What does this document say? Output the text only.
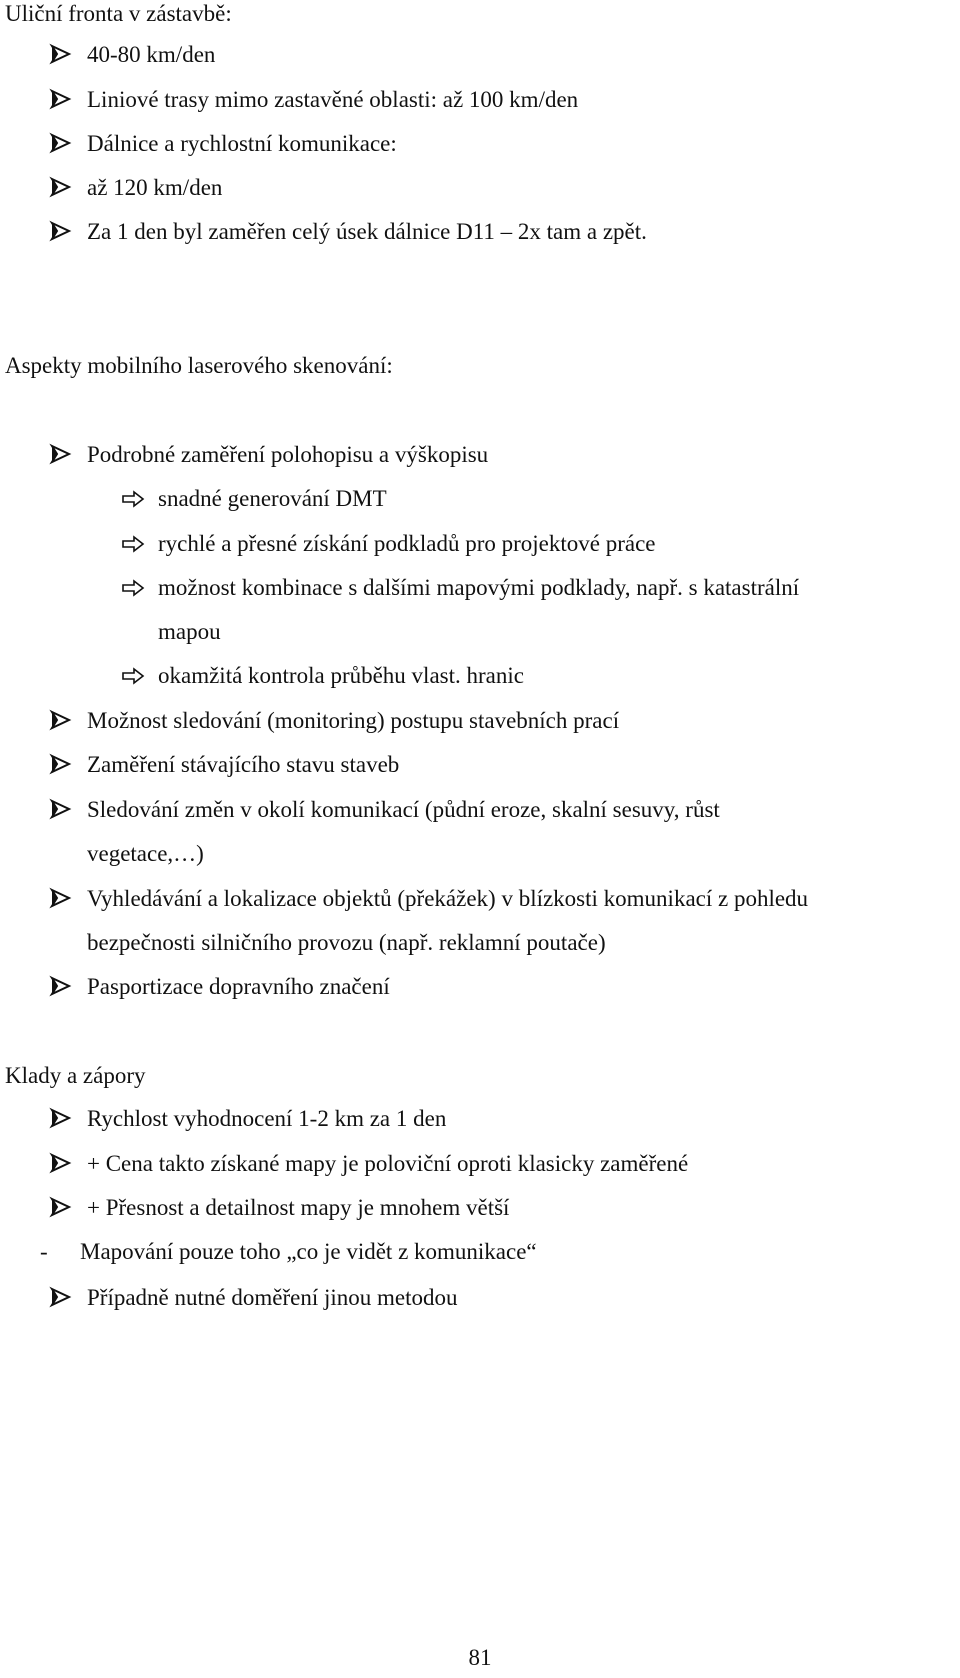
Uliční fronta v zástavbě:
40-80 km/den
Liniové trasy mimo zastavěné oblasti: až 100 km/den
Dálnice a rychlostní komunikace:
až 120 km/den
Za 1 den byl zaměřen celý úsek dálnice D11 – 2x tam a zpět.
Aspekty mobilního laserového skenování:
Podrobné zaměření polohopisu a výškopisu
snadné generování DMT
rychlé a přesné získání podkladů pro projektové práce
možnost kombinace s dalšími mapovými podklady, např. s katastrální
mapou
okamžitá kontrola průběhu vlast. hranic
Možnost sledování (monitoring) postupu stavebních prací
Zaměření stávajícího stavu staveb
Sledování změn v okolí komunikací (půdní eroze, skalní sesuvy, růst
vegetace,…)
Vyhledávání a lokalizace objektů (překážek) v blízkosti komunikací z pohledu
bezpečnosti silničního provozu (např. reklamní poutače)
Pasportizace dopravního značení
Klady a zápory
Rychlost vyhodnocení 1-2 km za 1 den
+ Cena takto získané mapy je poloviční oproti klasicky zaměřené
+ Přesnost a detailnost mapy je mnohem větší
- Mapování pouze toho „co je vidět z komunikace“
Případně nutné doměření jinou metodou
81
